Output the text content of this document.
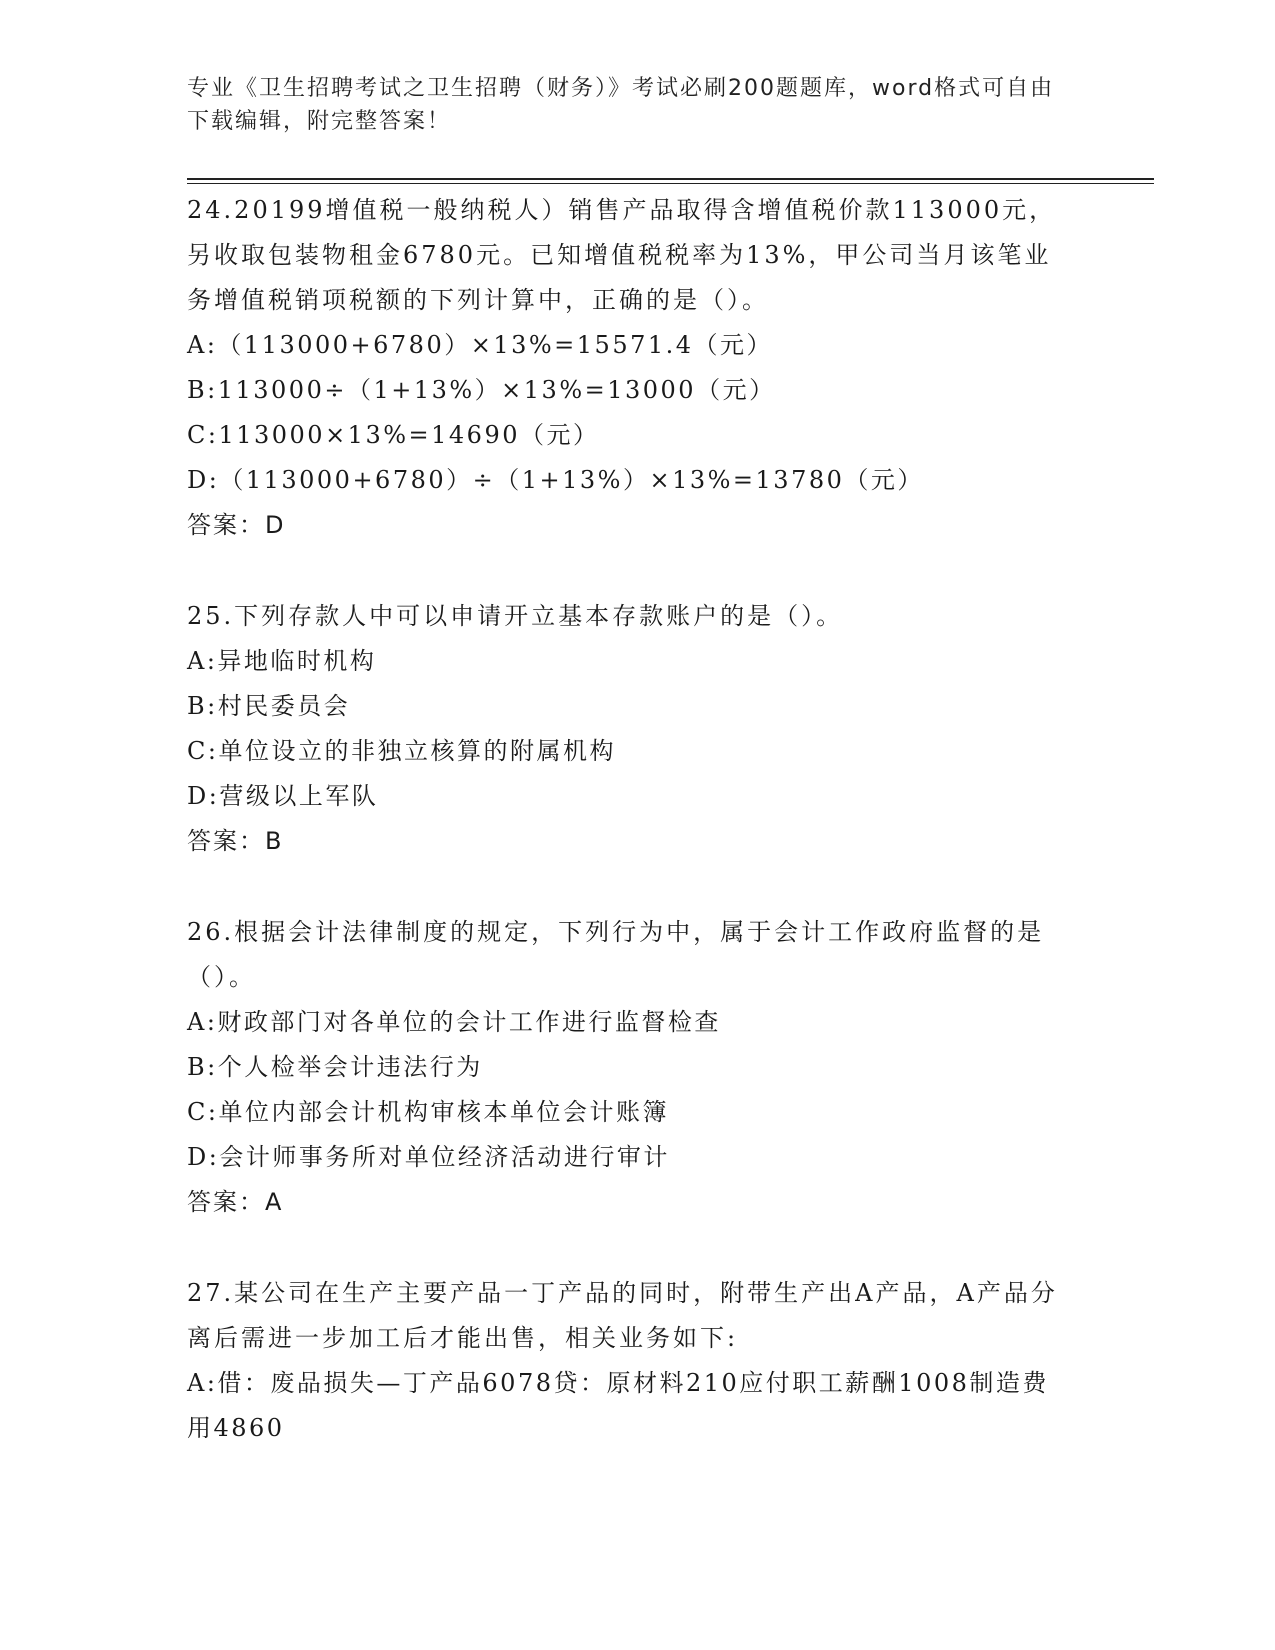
专业《卫生招聘考试之卫生招聘（财务）》考试必刷200题题库，word格式可自由下载编辑，附完整答案！

24.20199增值税一般纳税人）销售产品取得含增值税价款113000元，另收取包装物租金6780元。已知增值税税率为13%，甲公司当月该笔业务增值税销项税额的下列计算中，正确的是（）。

A:（113000+6780）×13%=15571.4（元）

B:113000÷（1+13%）×13%=13000（元）

C:113000×13%=14690（元）

D:（113000+6780）÷（1+13%）×13%=13780（元）

答案：D

25.下列存款人中可以申请开立基本存款账户的是（）。

A:异地临时机构

B:村民委员会

C:单位设立的非独立核算的附属机构

D:营级以上军队

答案：B

26.根据会计法律制度的规定，下列行为中，属于会计工作政府监督的是（）。

A:财政部门对各单位的会计工作进行监督检查

B:个人检举会计违法行为

C:单位内部会计机构审核本单位会计账簿

D:会计师事务所对单位经济活动进行审计

答案：A

27.某公司在生产主要产品一丁产品的同时，附带生产出A产品，A产品分离后需进一步加工后才能出售，相关业务如下:

A:借：废品损失—丁产品6078贷：原材料210应付职工薪酬1008制造费用4860
